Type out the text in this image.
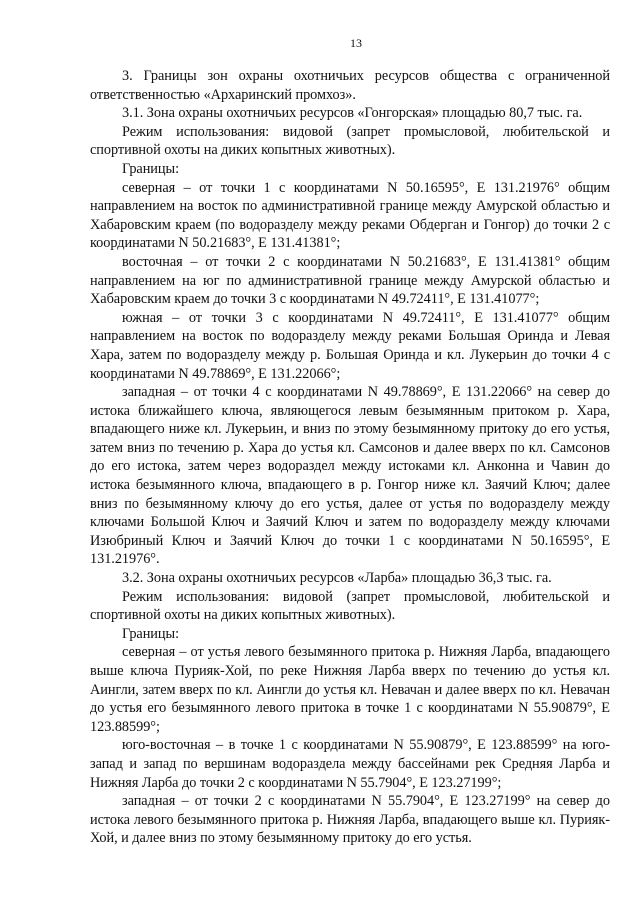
13

3. Границы зон охраны охотничьих ресурсов общества с ограниченной ответственностью «Архаринский промхоз».

3.1. Зона охраны охотничьих ресурсов «Гонгорская» площадью 80,7 тыс. га.

Режим использования: видовой (запрет промысловой, любительской и спортивной охоты на диких копытных животных).

Границы:

северная – от точки 1 с координатами N 50.16595°, E 131.21976° общим направлением на восток по административной границе между Амурской областью и Хабаровским краем (по водоразделу между реками Обдерган и Гонгор) до точки 2 с координатами N 50.21683°, E 131.41381°;

восточная – от точки 2 с координатами N 50.21683°, E 131.41381° общим направлением на юг по административной границе между Амурской областью и Хабаровским краем до точки 3 с координатами N 49.72411°, E 131.41077°;

южная – от точки 3 с координатами N 49.72411°, E 131.41077° общим направлением на восток по водоразделу между реками Большая Оринда и Левая Хара, затем по водоразделу между р. Большая Оринда и кл. Лукерьин до точки 4 с координатами N 49.78869°, E 131.22066°;

западная – от точки 4 с координатами N 49.78869°, E 131.22066° на север до истока ближайшего ключа, являющегося левым безымянным притоком р. Хара, впадающего ниже кл. Лукерьин, и вниз по этому безымянному притоку до его устья, затем вниз по течению р. Хара до устья кл. Самсонов и далее вверх по кл. Самсонов до его истока, затем через водораздел между истоками кл. Анконна и Чавин до истока безымянного ключа, впадающего в р. Гонгор ниже кл. Заячий Ключ; далее вниз по безымянному ключу до его устья, далее от устья по водоразделу между ключами Большой Ключ и Заячий Ключ и затем по водоразделу между ключами Изюбриный Ключ и Заячий Ключ до точки 1 с координатами N 50.16595°, E 131.21976°.

3.2. Зона охраны охотничьих ресурсов «Ларба» площадью 36,3 тыс. га.

Режим использования: видовой (запрет промысловой, любительской и спортивной охоты на диких копытных животных).

Границы:

северная – от устья левого безымянного притока р. Нижняя Ларба, впадающего выше ключа Пурияк-Хой, по реке Нижняя Ларба вверх по течению до устья кл. Аингли, затем вверх по кл. Аингли до устья кл. Невачан и далее вверх по кл. Невачан до устья его безымянного левого притока в точке 1 с координатами N 55.90879°, E 123.88599°;

юго-восточная – в точке 1 с координатами N 55.90879°, E 123.88599° на юго-запад и запад по вершинам водораздела между бассейнами рек Средняя Ларба и Нижняя Ларба до точки 2 с координатами N 55.7904°, E 123.27199°;

западная – от точки 2 с координатами N 55.7904°, E 123.27199° на север до истока левого безымянного притока р. Нижняя Ларба, впадающего выше кл. Пурияк-Хой, и далее вниз по этому безымянному притоку до его устья.
